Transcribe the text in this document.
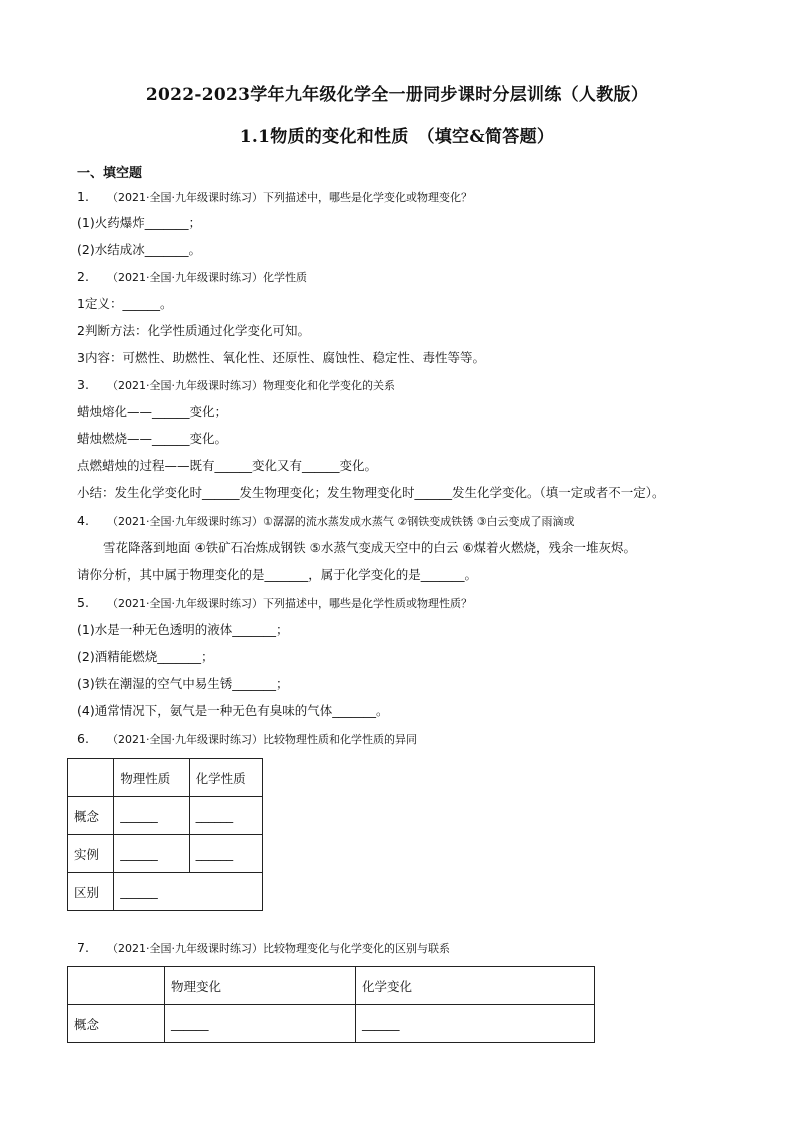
2022-2023学年九年级化学全一册同步课时分层训练（人教版）
1.1物质的变化和性质　（填空&简答题）
一、填空题
1. （2021·全国·九年级课时练习）下列描述中，哪些是化学变化或物理变化？
(1)火药爆炸_______；
(2)水结成冰_______。
2. （2021·全国·九年级课时练习）化学性质
1定义：______。
2判断方法：化学性质通过化学变化可知。
3内容：可燃性、助燃性、氧化性、还原性、腐蚀性、稳定性、毒性等等。
3. （2021·全国·九年级课时练习）物理变化和化学变化的关系
蜡烛熔化——______变化；
蜡烛燃烧——______变化。
点燃蜡烛的过程——既有______变化又有______变化。
小结：发生化学变化时______发生物理变化；发生物理变化时______发生化学变化。（填一定或者不一定）。
4. （2021·全国·九年级课时练习）①潺潺的流水蒸发成水蒸气 ②钢铁变成铁锈 ③白云变成了雨滴或
雪花降落到地面 ④铁矿石冶炼成钢铁 ⑤水蒸气变成天空中的白云 ⑥煤着火燃烧，残余一堆灰烬。
请你分析，其中属于物理变化的是_______，属于化学变化的是_______。
5. （2021·全国·九年级课时练习）下列描述中，哪些是化学性质或物理性质？
(1)水是一种无色透明的液体_______；
(2)酒精能燃烧_______；
(3)铁在潮湿的空气中易生锈_______；
(4)通常情况下，氨气是一种无色有臭味的气体_______。
6. （2021·全国·九年级课时练习）比较物理性质和化学性质的异同
	物理性质	化学性质
概念	______	______
实例	______	______
区别	______	
7. （2021·全国·九年级课时练习）比较物理变化与化学变化的区别与联系
	物理变化	化学变化
概念	______	______
